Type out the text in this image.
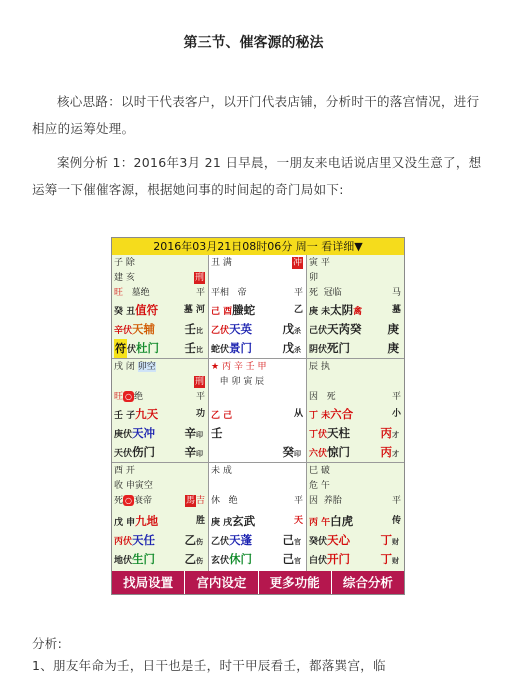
第三节、催客源的秘法

核心思路：以时干代表客户，以开门代表店铺，分析时干的落宫情况，进行相应的运筹处理。

案例分析 1：2016年3月 21 日早晨，一朋友来电话说店里又没生意了，想运筹一下催催客源，根据她问事的时间起的奇门局如下:

2016年03月21日08时06分 周一 看详细▼
子 除
建 亥	刑
旺 墓绝	平
癸 丑值符	墓 河
辛伏天辅	壬比
符伏杜门 壬比
丑 满	冲
平相 帝	平
己 酉螣蛇	乙
乙伏天英	戊杀
蛇伏景门	戊杀
寅 平
卯
死 冠临	马
庚 未太阴禽	墓
己伏天芮癸 庚
阴伏死门	庚
戌 闭 卯空
刑
旺 ○ 绝	平
壬 子九天	功
庚伏天冲	辛印
天伏伤门	辛印
★ 丙 辛 壬 甲
申 卯 寅 辰
乙 己	从
壬
癸印
辰 执
因 死	平
丁 未六合	小
丁伏天柱	丙才
六伏惊门	丙才
酉 开
收 申寅空
死 ○ 衰帝	馬吉
戊 申九地	胜
丙伏天任	乙伤
地伏生门	乙伤
未 成
休 绝	平
庚 戌玄武	天
乙伏天蓬	己官
玄伏休门	己官
巳 破
危 午
因 养胎	平
丙 午白虎	传
癸伏天心	丁财
白伏开门	丁财
找局设置	宫内设定	更多功能	综合分析

分析:

1、朋友年命为壬，日干也是壬，时干甲辰看壬，都落巽宫，临
